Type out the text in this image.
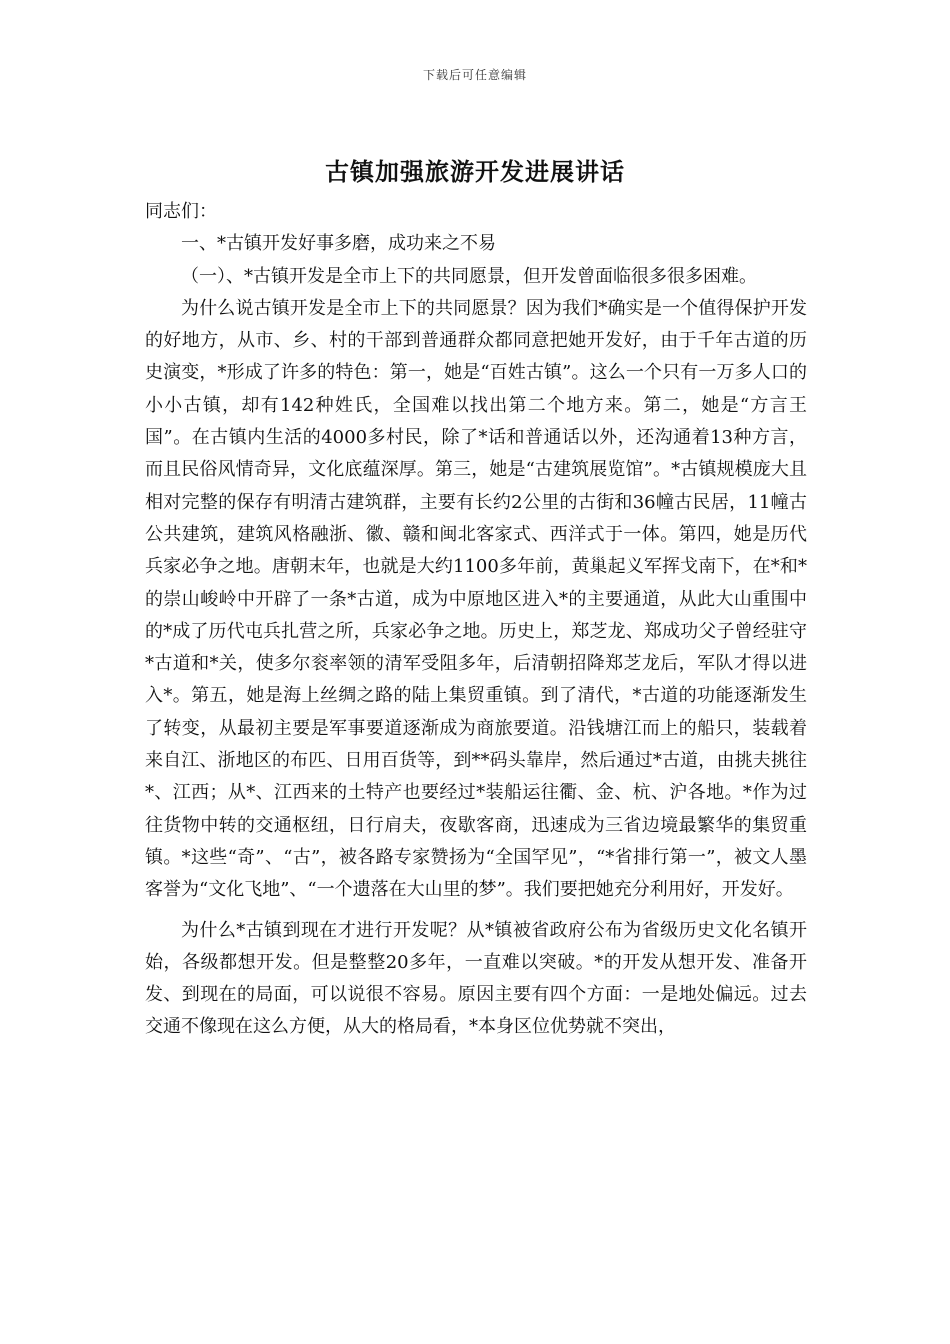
下载后可任意编辑
古镇加强旅游开发进展讲话

同志们：

一、*古镇开发好事多磨，成功来之不易

（一）、*古镇开发是全市上下的共同愿景，但开发曾面临很多很多困难。

为什么说古镇开发是全市上下的共同愿景？因为我们*确实是一个值得保护开发的好地方，从市、乡、村的干部到普通群众都同意把她开发好，由于千年古道的历史演变，*形成了许多的特色：第一，她是“百姓古镇”。这么一个只有一万多人口的小小古镇，却有142种姓氏，全国难以找出第二个地方来。第二，她是“方言王国”。在古镇内生活的4000多村民，除了*话和普通话以外，还沟通着13种方言，而且民俗风情奇异，文化底蕴深厚。第三，她是“古建筑展览馆”。*古镇规模庞大且相对完整的保存有明清古建筑群，主要有长约2公里的古街和36幢古民居，11幢古公共建筑，建筑风格融浙、徽、赣和闽北客家式、西洋式于一体。第四，她是历代兵家必争之地。唐朝末年，也就是大约1100多年前，黄巢起义军挥戈南下，在*和*的崇山峻岭中开辟了一条*古道，成为中原地区进入*的主要通道，从此大山重围中的*成了历代屯兵扎营之所，兵家必争之地。历史上，郑芝龙、郑成功父子曾经驻守*古道和*关，使多尔衮率领的清军受阻多年，后清朝招降郑芝龙后，军队才得以进入*。第五，她是海上丝绸之路的陆上集贸重镇。到了清代，*古道的功能逐渐发生了转变，从最初主要是军事要道逐渐成为商旅要道。沿钱塘江而上的船只，装载着来自江、浙地区的布匹、日用百货等，到**码头靠岸，然后通过*古道，由挑夫挑往*、江西；从*、江西来的土特产也要经过*装船运往衢、金、杭、沪各地。*作为过往货物中转的交通枢纽，日行肩夫，夜歇客商，迅速成为三省边境最繁华的集贸重镇。*这些“奇”、“古”，被各路专家赞扬为“全国罕见”，“*省排行第一”，被文人墨客誉为“文化飞地”、“一个遗落在大山里的梦”。我们要把她充分利用好，开发好。

为什么*古镇到现在才进行开发呢？从*镇被省政府公布为省级历史文化名镇开始，各级都想开发。但是整整20多年，一直难以突破。*的开发从想开发、准备开发、到现在的局面，可以说很不容易。原因主要有四个方面：一是地处偏远。过去交通不像现在这么方便，从大的格局看，*本身区位优势就不突出，
